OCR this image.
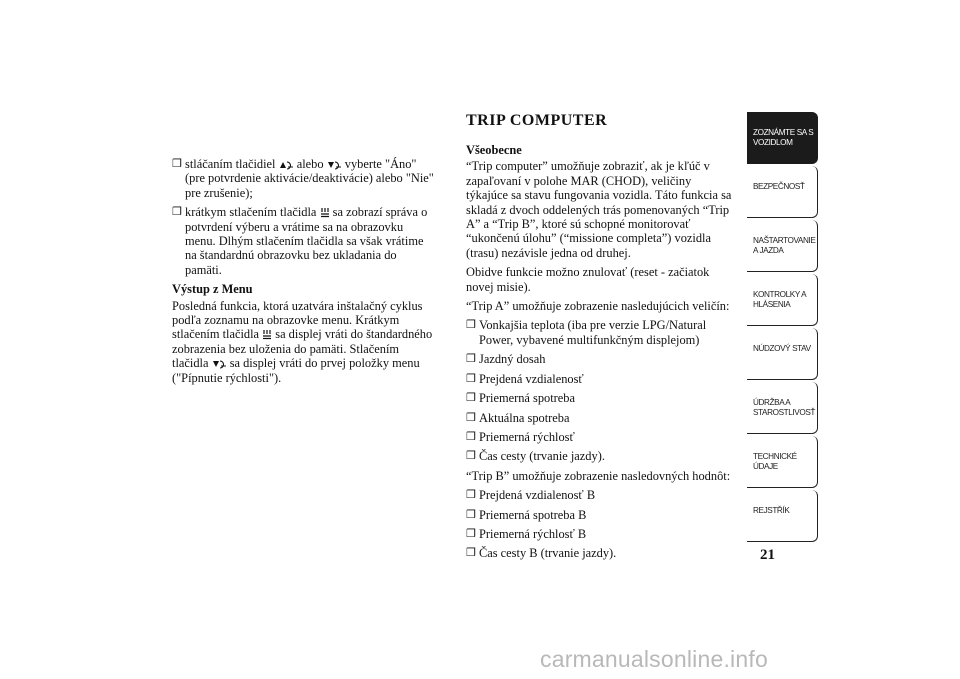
❒ stláčaním tlačidiel alebo vyberte "Áno" (pre potvrdenie aktivácie/deaktivácie) alebo "Nie" pre zrušenie);
❒ krátkym stlačením tlačidla sa zobrazí správa o potvrdení výberu a vrátime sa na obrazovku menu. Dlhým stlačením tlačidla sa však vrátime na štandardnú obrazovku bez ukladania do pamäti.
Výstup z Menu
Posledná funkcia, ktorá uzatvára inštalačný cyklus podľa zoznamu na obrazovke menu. Krátkym stlačením tlačidla sa displej vráti do štandardného zobrazenia bez uloženia do pamäti. Stlačením tlačidla sa displej vráti do prvej položky menu ("Pípnutie rýchlosti").
TRIP COMPUTER
Všeobecne
“Trip computer” umožňuje zobraziť, ak je kľúč v zapaľovaní v polohe MAR (CHOD), veličiny týkajúce sa stavu fungovania vozidla. Táto funkcia sa skladá z dvoch oddelených trás pomenovaných “Trip A” a “Trip B”, ktoré sú schopné monitorovať “ukončenú úlohu” (“missione completa”) vozidla (trasu) nezávisle jedna od druhej.
Obidve funkcie možno znulovať (reset - začiatok novej misie).
“Trip A” umožňuje zobrazenie nasledujúcich veličín:
❒ Vonkajšia teplota (iba pre verzie LPG/Natural Power, vybavené multifunkčným displejom)
❒ Jazdný dosah
❒ Prejdená vzdialenosť
❒ Priemerná spotreba
❒ Aktuálna spotreba
❒ Priemerná rýchlosť
❒ Čas cesty (trvanie jazdy).
“Trip B” umožňuje zobrazenie nasledovných hodnôt:
❒ Prejdená vzdialenosť B
❒ Priemerná spotreba B
❒ Priemerná rýchlosť B
❒ Čas cesty B (trvanie jazdy).
ZOZNÁMTE SA S VOZIDLOM
BEZPEČNOSŤ
NAŠTARTOVANIE A JAZDA
KONTROLKY A HLÁSENIA
NÚDZOVÝ STAV
ÚDRŽBA A STAROSTLIVOSŤ
TECHNICKÉ ÚDAJE
REJSTŘÍK
21
carmanualsonline.info
